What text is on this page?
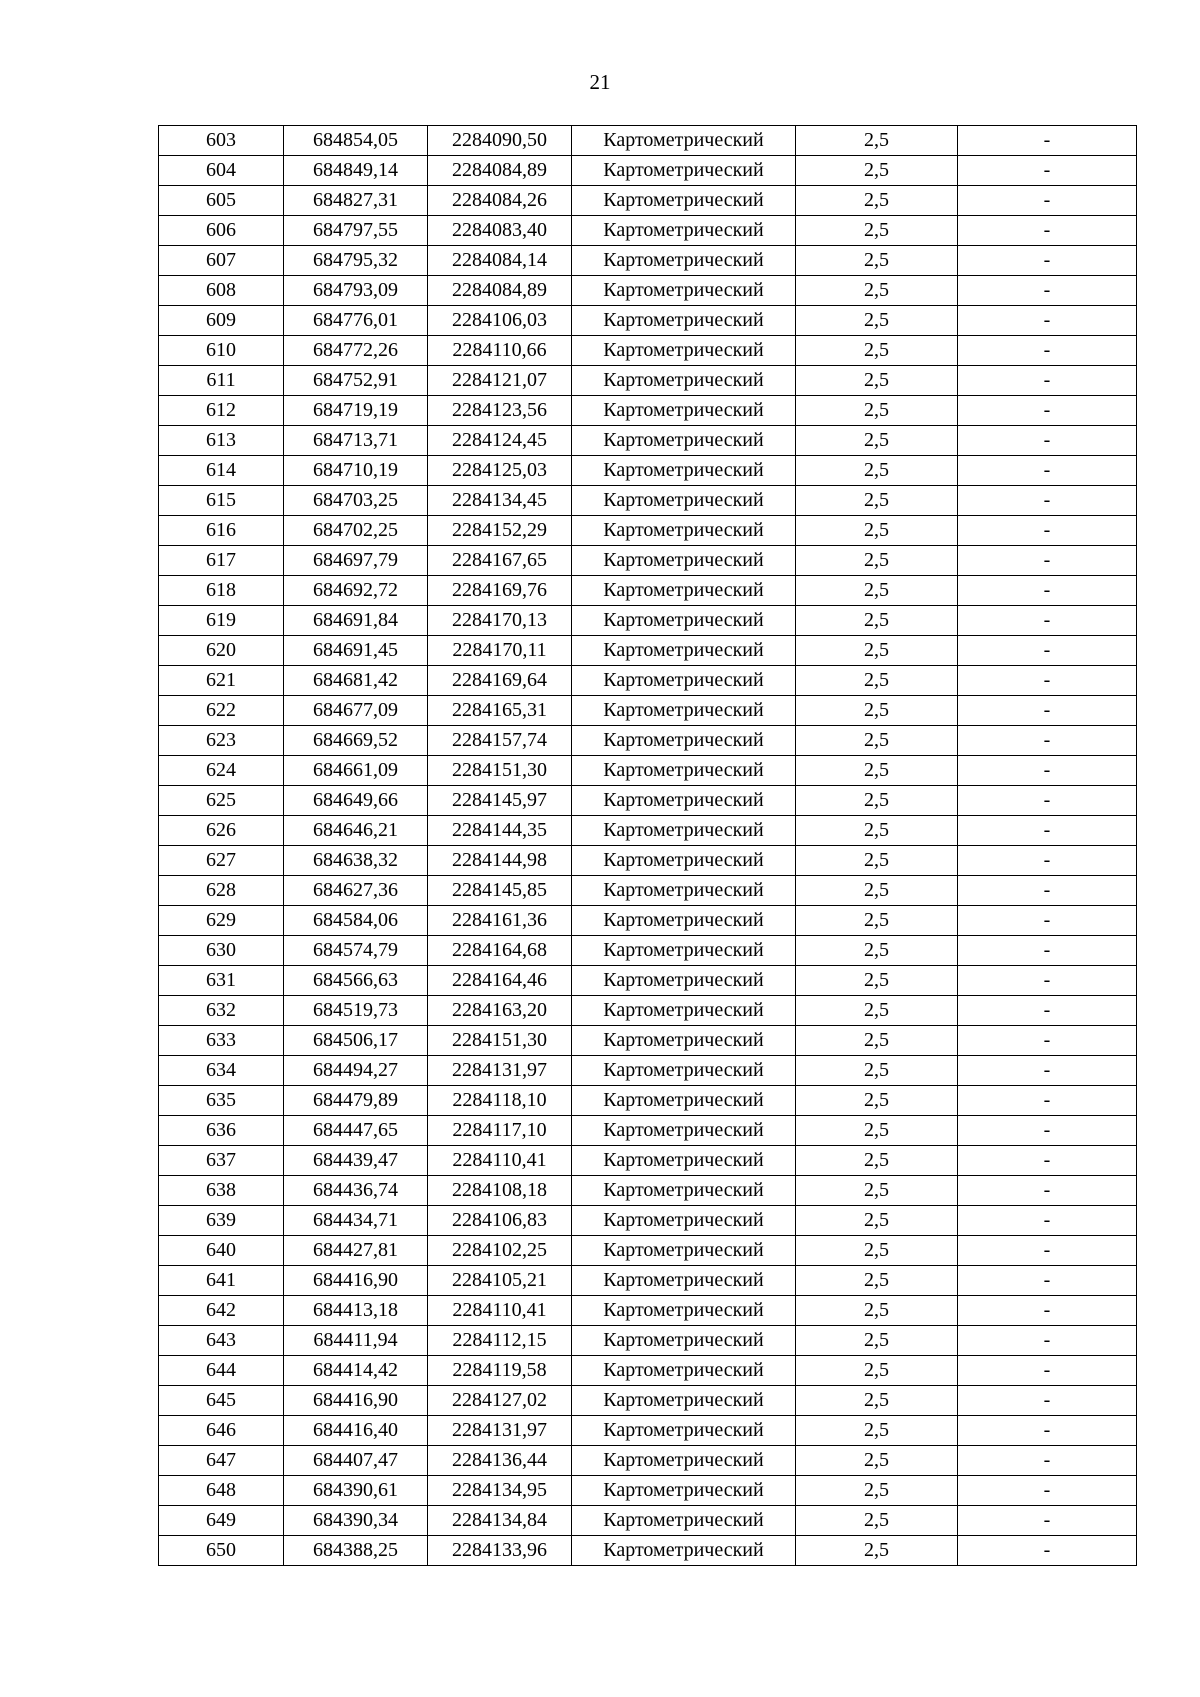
21
603	684854,05	2284090,50	Картометрический	2,5	-
604	684849,14	2284084,89	Картометрический	2,5	-
605	684827,31	2284084,26	Картометрический	2,5	-
606	684797,55	2284083,40	Картометрический	2,5	-
607	684795,32	2284084,14	Картометрический	2,5	-
608	684793,09	2284084,89	Картометрический	2,5	-
609	684776,01	2284106,03	Картометрический	2,5	-
610	684772,26	2284110,66	Картометрический	2,5	-
611	684752,91	2284121,07	Картометрический	2,5	-
612	684719,19	2284123,56	Картометрический	2,5	-
613	684713,71	2284124,45	Картометрический	2,5	-
614	684710,19	2284125,03	Картометрический	2,5	-
615	684703,25	2284134,45	Картометрический	2,5	-
616	684702,25	2284152,29	Картометрический	2,5	-
617	684697,79	2284167,65	Картометрический	2,5	-
618	684692,72	2284169,76	Картометрический	2,5	-
619	684691,84	2284170,13	Картометрический	2,5	-
620	684691,45	2284170,11	Картометрический	2,5	-
621	684681,42	2284169,64	Картометрический	2,5	-
622	684677,09	2284165,31	Картометрический	2,5	-
623	684669,52	2284157,74	Картометрический	2,5	-
624	684661,09	2284151,30	Картометрический	2,5	-
625	684649,66	2284145,97	Картометрический	2,5	-
626	684646,21	2284144,35	Картометрический	2,5	-
627	684638,32	2284144,98	Картометрический	2,5	-
628	684627,36	2284145,85	Картометрический	2,5	-
629	684584,06	2284161,36	Картометрический	2,5	-
630	684574,79	2284164,68	Картометрический	2,5	-
631	684566,63	2284164,46	Картометрический	2,5	-
632	684519,73	2284163,20	Картометрический	2,5	-
633	684506,17	2284151,30	Картометрический	2,5	-
634	684494,27	2284131,97	Картометрический	2,5	-
635	684479,89	2284118,10	Картометрический	2,5	-
636	684447,65	2284117,10	Картометрический	2,5	-
637	684439,47	2284110,41	Картометрический	2,5	-
638	684436,74	2284108,18	Картометрический	2,5	-
639	684434,71	2284106,83	Картометрический	2,5	-
640	684427,81	2284102,25	Картометрический	2,5	-
641	684416,90	2284105,21	Картометрический	2,5	-
642	684413,18	2284110,41	Картометрический	2,5	-
643	684411,94	2284112,15	Картометрический	2,5	-
644	684414,42	2284119,58	Картометрический	2,5	-
645	684416,90	2284127,02	Картометрический	2,5	-
646	684416,40	2284131,97	Картометрический	2,5	-
647	684407,47	2284136,44	Картометрический	2,5	-
648	684390,61	2284134,95	Картометрический	2,5	-
649	684390,34	2284134,84	Картометрический	2,5	-
650	684388,25	2284133,96	Картометрический	2,5	-
